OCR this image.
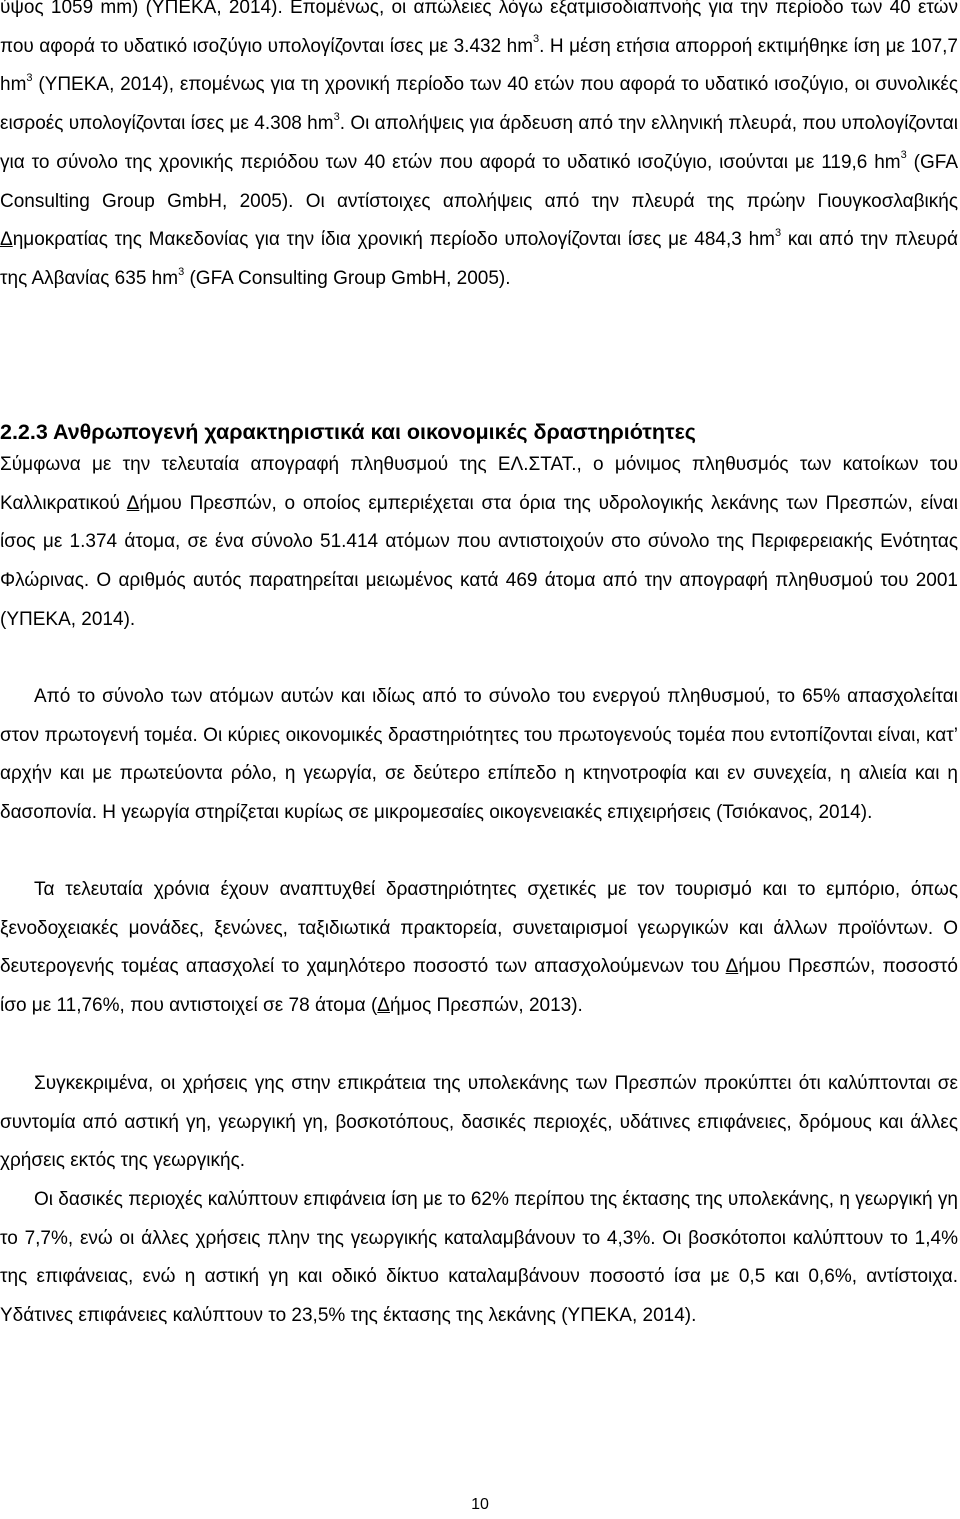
ύψος 1059 mm) (ΥΠΕΚΑ, 2014). Επομένως, οι απώλειες λόγω εξατμισοδιαπνοής για την περίοδο των 40 ετών που αφορά το υδατικό ισοζύγιο υπολογίζονται ίσες με 3.432 $hm^3$. Η μέση ετήσια απορροή εκτιμήθηκε ίση με 107,7 $hm^3$ (ΥΠΕΚΑ, 2014), επομένως για τη χρονική περίοδο των 40 ετών που αφορά το υδατικό ισοζύγιο, οι συνολικές εισροές υπολογίζονται ίσες με 4.308 $hm^3$. Οι απολήψεις για άρδευση από την ελληνική πλευρά, που υπολογίζονται για το σύνολο της χρονικής περιόδου των 40 ετών που αφορά το υδατικό ισοζύγιο, ισούνται με 119,6 $hm^3$ (GFA Consulting Group GmbH, 2005). Οι αντίστοιχες απολήψεις από την πλευρά της πρώην Γιουγκοσλαβικής Δημοκρατίας της Μακεδονίας για την ίδια χρονική περίοδο υπολογίζονται ίσες με 484,3 $hm^3$ και από την πλευρά της Αλβανίας 635 $hm^3$ (GFA Consulting Group GmbH, 2005).

2.2.3 Ανθρωπογενή χαρακτηριστικά και οικονομικές δραστηριότητες

Σύμφωνα με την τελευταία απογραφή πληθυσμού της ΕΛ.ΣΤΑΤ., ο μόνιμος πληθυσμός των κατοίκων του Καλλικρατικού Δήμου Πρεσπών, ο οποίος εμπεριέχεται στα όρια της υδρολογικής λεκάνης των Πρεσπών, είναι ίσος με 1.374 άτομα, σε ένα σύνολο 51.414 ατόμων που αντιστοιχούν στο σύνολο της Περιφερειακής Ενότητας Φλώρινας. Ο αριθμός αυτός παρατηρείται μειωμένος κατά 469 άτομα από την απογραφή πληθυσμού του 2001 (ΥΠΕΚΑ, 2014).

Από το σύνολο των ατόμων αυτών και ιδίως από το σύνολο του ενεργού πληθυσμού, το 65% απασχολείται στον πρωτογενή τομέα. Οι κύριες οικονομικές δραστηριότητες του πρωτογενούς τομέα που εντοπίζονται είναι, κατ’ αρχήν και με πρωτεύοντα ρόλο, η γεωργία, σε δεύτερο επίπεδο η κτηνοτροφία και εν συνεχεία, η αλιεία και η δασοπονία. Η γεωργία στηρίζεται κυρίως σε μικρομεσαίες οικογενειακές επιχειρήσεις (Τσιόκανος, 2014).

Τα τελευταία χρόνια έχουν αναπτυχθεί δραστηριότητες σχετικές με τον τουρισμό και το εμπόριο, όπως ξενοδοχειακές μονάδες, ξενώνες, ταξιδιωτικά πρακτορεία, συνεταιρισμοί γεωργικών και άλλων προϊόντων. Ο δευτερογενής τομέας απασχολεί το χαμηλότερο ποσοστό των απασχολούμενων του Δήμου Πρεσπών, ποσοστό ίσο με 11,76%, που αντιστοιχεί σε 78 άτομα (Δήμος Πρεσπών, 2013).

Συγκεκριμένα, οι χρήσεις γης στην επικράτεια της υπολεκάνης των Πρεσπών προκύπτει ότι καλύπτονται σε συντομία από αστική γη, γεωργική γη, βοσκοτόπους, δασικές περιοχές, υδάτινες επιφάνειες, δρόμους και άλλες χρήσεις εκτός της γεωργικής.

Οι δασικές περιοχές καλύπτουν επιφάνεια ίση με το 62% περίπου της έκτασης της υπολεκάνης, η γεωργική γη το 7,7%, ενώ οι άλλες χρήσεις πλην της γεωργικής καταλαμβάνουν το 4,3%. Οι βοσκότοποι καλύπτουν το 1,4% της επιφάνειας, ενώ η αστική γη και οδικό δίκτυο καταλαμβάνουν ποσοστό ίσα με 0,5 και 0,6%, αντίστοιχα. Υδάτινες επιφάνειες καλύπτουν το 23,5% της έκτασης της λεκάνης (ΥΠΕΚΑ, 2014).

10
